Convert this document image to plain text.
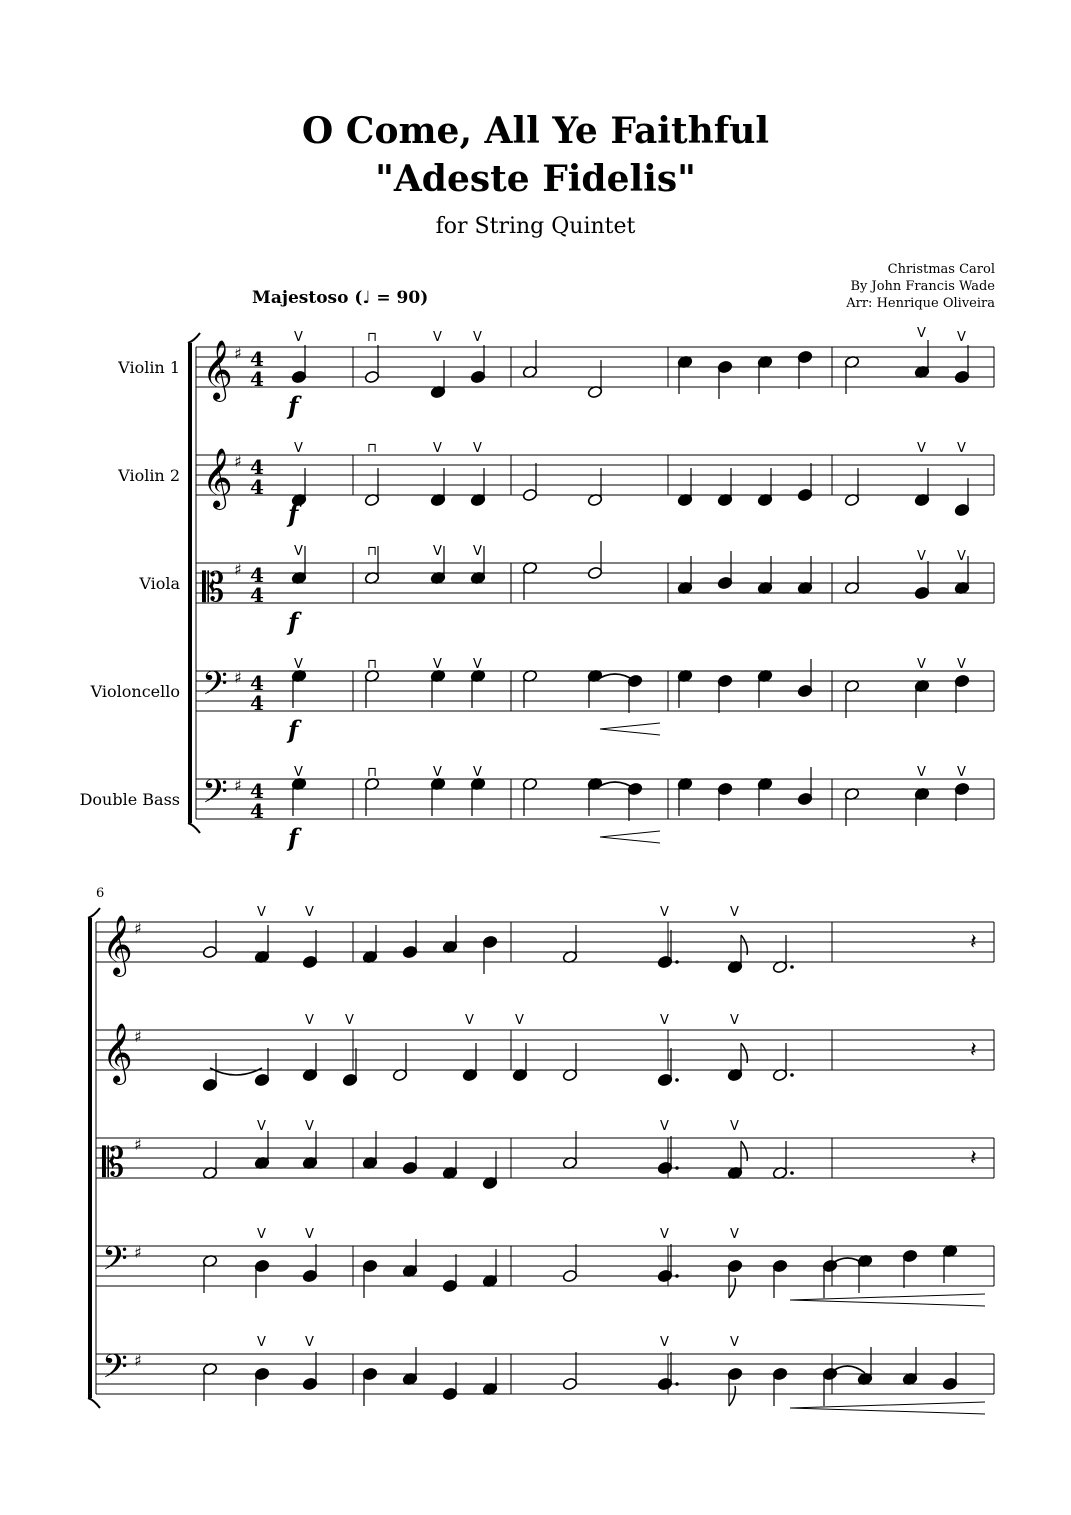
O Come, All Ye Faithful
"Adeste Fidelis"
for String Quintet
Christmas Carol
By John Francis Wade
Arr: Henrique Oliveira
Majestoso (♩ = 90)
Violin 1
Violin 2
Viola
Violoncello
Double Bass
6
𝄞 ♯ 4
4
𝄞 ♯ 4
4
𝄡 ♯ 4
4
𝄢 ♯ 4
4
𝄢 ♯ 4
4
𝄞 ♯
𝄞 ♯
𝄡 ♯
𝄢 ♯
𝄢 ♯
V	⊓	V V	V V
f
V	⊓	V V	V V
f
V	⊓	V V	V V
f
V	⊓	V V	V V
f
V	⊓	V V	V V
f
V	V	V	V
𝄽
V V	V	V	V	V
𝄽
V	V	V	V
𝄽
V	V	V	V
V	V	V	V
